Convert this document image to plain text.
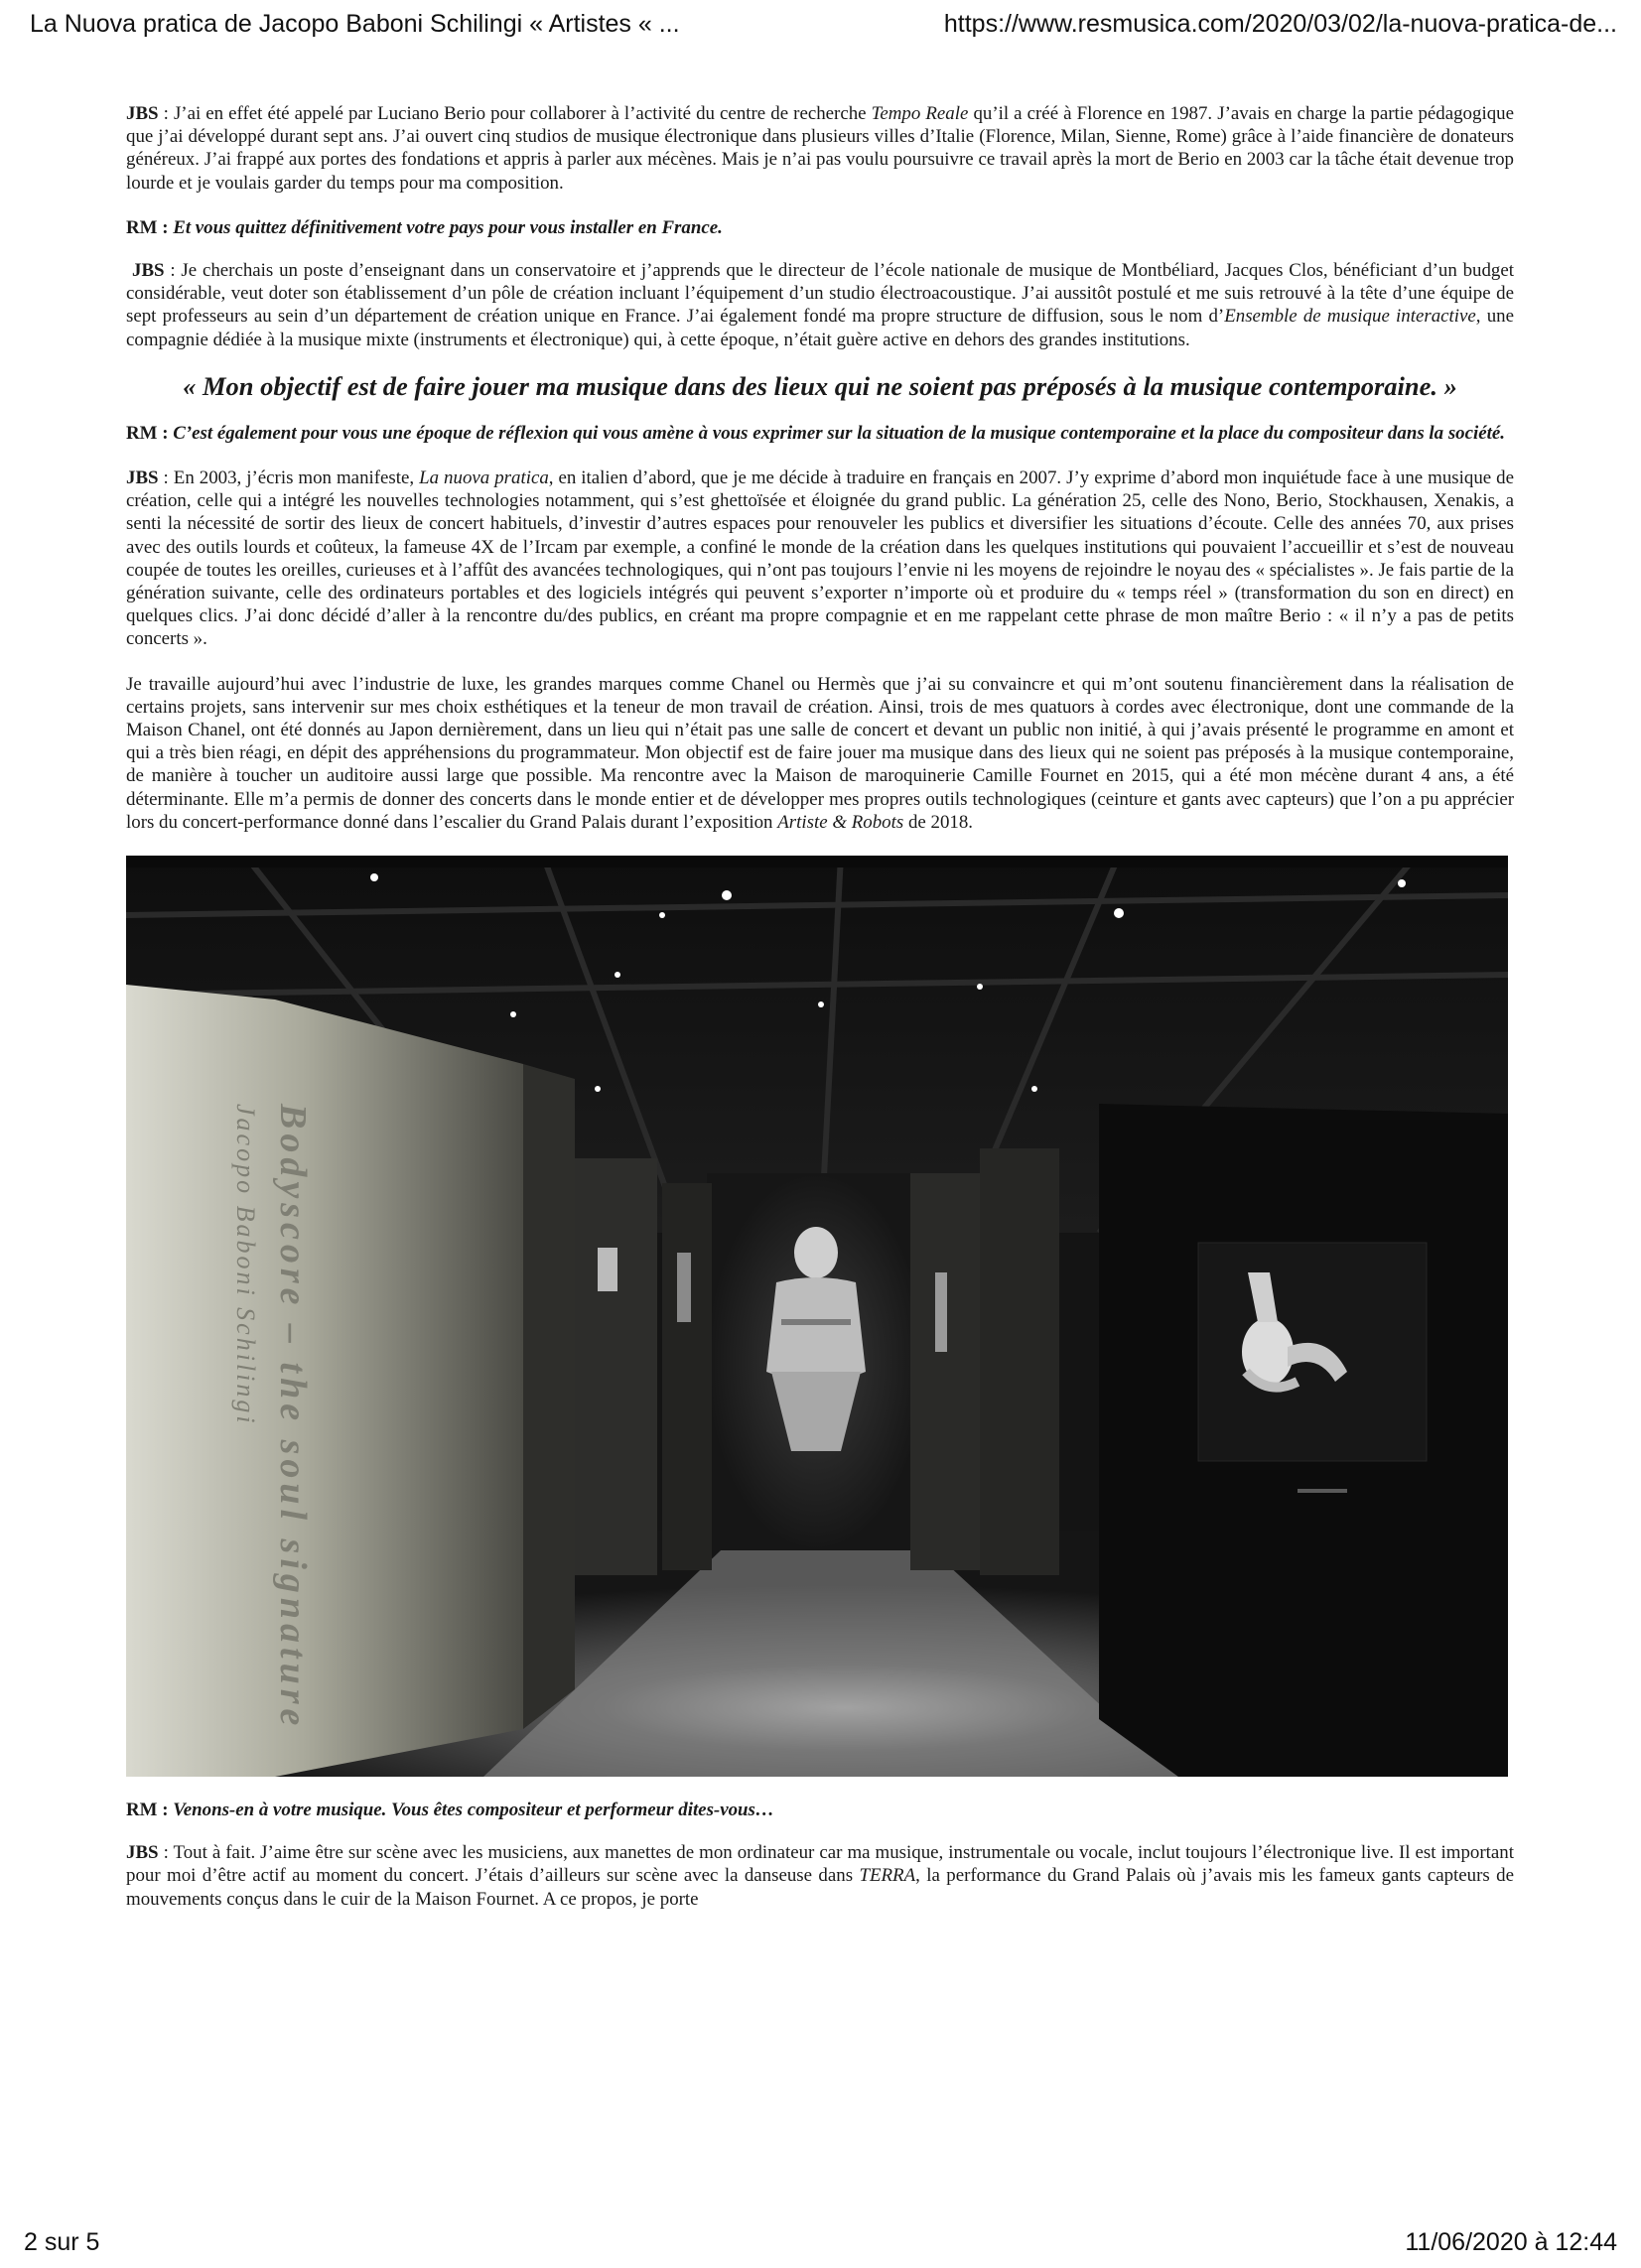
La Nuova pratica de Jacopo Baboni Schilingi « Artistes « ...	https://www.resmusica.com/2020/03/02/la-nuova-pratica-de...

JBS : J’ai en effet été appelé par Luciano Berio pour collaborer à l’activité du centre de recherche Tempo Reale qu’il a créé à Florence en 1987. J’avais en charge la partie pédagogique que j’ai développé durant sept ans. J’ai ouvert cinq studios de musique électronique dans plusieurs villes d’Italie (Florence, Milan, Sienne, Rome) grâce à l’aide financière de donateurs généreux. J’ai frappé aux portes des fondations et appris à parler aux mécènes. Mais je n’ai pas voulu poursuivre ce travail après la mort de Berio en 2003 car la tâche était devenue trop lourde et je voulais garder du temps pour ma composition.

RM : Et vous quittez définitivement votre pays pour vous installer en France.

JBS : Je cherchais un poste d’enseignant dans un conservatoire et j’apprends que le directeur de l’école nationale de musique de Montbéliard, Jacques Clos, bénéficiant d’un budget considérable, veut doter son établissement d’un pôle de création incluant l’équipement d’un studio électroacoustique. J’ai aussitôt postulé et me suis retrouvé à la tête d’une équipe de sept professeurs au sein d’un département de création unique en France. J’ai également fondé ma propre structure de diffusion, sous le nom d’Ensemble de musique interactive, une compagnie dédiée à la musique mixte (instruments et électronique) qui, à cette époque, n’était guère active en dehors des grandes institutions.

« Mon objectif est de faire jouer ma musique dans des lieux qui ne soient pas préposés à la musique contemporaine. »

RM : C’est également pour vous une époque de réflexion qui vous amène à vous exprimer sur la situation de la musique contemporaine et la place du compositeur dans la société.

JBS : En 2003, j’écris mon manifeste, La nuova pratica, en italien d’abord, que je me décide à traduire en français en 2007. J’y exprime d’abord mon inquiétude face à une musique de création, celle qui a intégré les nouvelles technologies notamment, qui s’est ghettoïsée et éloignée du grand public. La génération 25, celle des Nono, Berio, Stockhausen, Xenakis, a senti la nécessité de sortir des lieux de concert habituels, d’investir d’autres espaces pour renouveler les publics et diversifier les situations d’écoute. Celle des années 70, aux prises avec des outils lourds et coûteux, la fameuse 4X de l’Ircam par exemple, a confiné le monde de la création dans les quelques institutions qui pouvaient l’accueillir et s’est de nouveau coupée de toutes les oreilles, curieuses et à l’affût des avancées technologiques, qui n’ont pas toujours l’envie ni les moyens de rejoindre le noyau des « spécialistes ». Je fais partie de la génération suivante, celle des ordinateurs portables et des logiciels intégrés qui peuvent s’exporter n’importe où et produire du « temps réel » (transformation du son en direct) en quelques clics. J’ai donc décidé d’aller à la rencontre du/des publics, en créant ma propre compagnie et en me rappelant cette phrase de mon maître Berio : « il n’y a pas de petits concerts ».

Je travaille aujourd’hui avec l’industrie de luxe, les grandes marques comme Chanel ou Hermès que j’ai su convaincre et qui m’ont soutenu financièrement dans la réalisation de certains projets, sans intervenir sur mes choix esthétiques et la teneur de mon travail de création. Ainsi, trois de mes quatuors à cordes avec électronique, dont une commande de la Maison Chanel, ont été donnés au Japon dernièrement, dans un lieu qui n’était pas une salle de concert et devant un public non initié, à qui j’avais présenté le programme en amont et qui a très bien réagi, en dépit des appréhensions du programmateur. Mon objectif est de faire jouer ma musique dans des lieux qui ne soient pas préposés à la musique contemporaine, de manière à toucher un auditoire aussi large que possible. Ma rencontre avec la Maison de maroquinerie Camille Fournet en 2015, qui a été mon mécène durant 4 ans, a été déterminante. Elle m’a permis de donner des concerts dans le monde entier et de développer mes propres outils technologiques (ceinture et gants avec capteurs) que l’on a pu apprécier lors du concert-performance donné dans l’escalier du Grand Palais durant l’exposition Artiste & Robots de 2018.

Jacopo Baboni Schilingi Bodyscore – the soul signature

RM : Venons-en à votre musique. Vous êtes compositeur et performeur dites-vous…

JBS : Tout à fait. J’aime être sur scène avec les musiciens, aux manettes de mon ordinateur car ma musique, instrumentale ou vocale, inclut toujours l’électronique live. Il est important pour moi d’être actif au moment du concert. J’étais d’ailleurs sur scène avec la danseuse dans TERRA, la performance du Grand Palais où j’avais mis les fameux gants capteurs de mouvements conçus dans le cuir de la Maison Fournet. A ce propos, je porte

2 sur 5	11/06/2020 à 12:44
